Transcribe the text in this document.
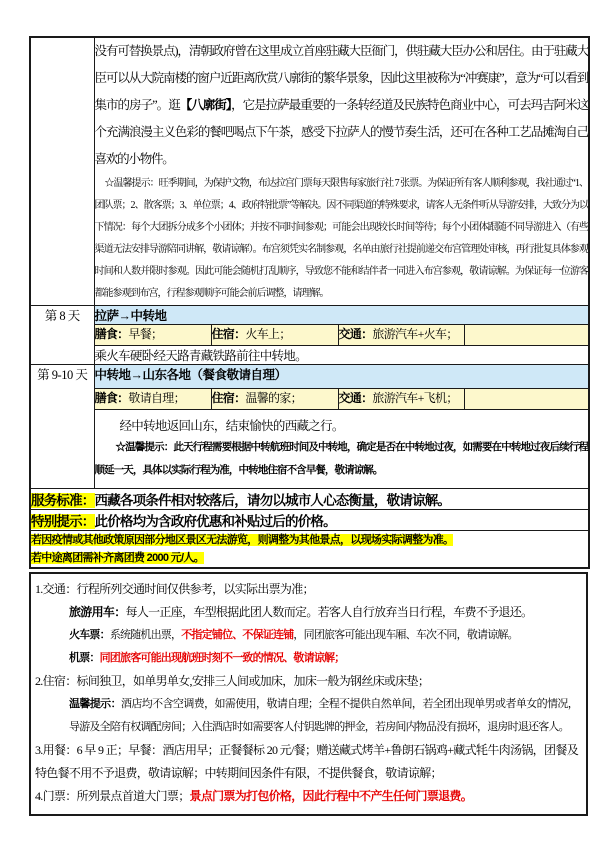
	没有可替换景点)，清朝政府曾在这里成立首座驻藏大臣衙门，供驻藏大臣办公和居住。由于驻藏大臣可以从大院南楼的窗户近距离欣赏八廓街的繁华景象，因此这里被称为“冲赛康”，意为“可以看到集市的房子”。逛【八廓街】，它是拉萨最重要的一条转经道及民族特色商业中心，可去玛吉阿米这个充满浪漫主义色彩的餐吧喝点下午茶，感受下拉萨人的慢节奏生活，还可在各种工艺品摊淘自己喜欢的小物件。
☆温馨提示：旺季期间，为保护文物，布达拉宫门票每天限售每家旅行社 7 张票。为保证所有客人顺利参观，我社通过“1、团队票；2、散客票；3、单位票；4、政府特批票”等解决。因不同渠道的特殊要求，请客人无条件听从导游安排，大致分为以下情况：每个大团拆分成多个小团体；并按不同时间参观；可能会出现较长时间等待；每个小团体跟随不同导游进入（有些渠道无法安排导游陪同讲解，敬请谅解）。布宫须凭实名制参观，名单由旅行社提前递交布宫管理处审核，再行批复具体参观时间和人数并限时参观。因此可能会随机打乱顺序，导致您不能和结伴者一同进入布宫参观，敬请谅解。为保证每一位游客都能参观到布宫，行程参观顺序可能会前后调整，请理解。			

第 8 天	拉萨→中转地			
	膳食：早餐；	住宿：火车上；	交通：旅游汽车+火车；	
	乘火车硬卧经天路青藏铁路前往中转地。			
第 9-10 天	中转地→山东各地（餐食敬请自理）			
	膳食：敬请自理；	住宿：温馨的家；	交通：旅游汽车+飞机；	

	经中转地返回山东，结束愉快的西藏之行。
☆温馨提示：此天行程需要根据中转航班时间及中转地，确定是否在中转地过夜，如需要在中转地过夜后续行程顺延一天，具体以实际行程为准，中转地住宿不含早餐，敬请谅解。			

服务标准：西藏各项条件相对较落后，请勿以城市人心态衡量，敬请谅解。				
特别提示：此价格均为含政府优惠和补贴过后的价格。				

若因疫情或其他政策原因部分地区景区无法游览，则调整为其他景点，以现场实际调整为准。
若中途离团需补齐离团费 2000 元/人。				
1.交通：行程所列交通时间仅供参考，以实际出票为准；
旅游用车：每人一正座，车型根据此团人数而定。若客人自行放弃当日行程，车费不予退还。
火车票：系统随机出票，不指定铺位、不保证连铺，同团旅客可能出现车厢、车次不同，敬请谅解。
机票：同团旅客可能出现航班时刻不一致的情况、敬请谅解；
2.住宿：标间独卫，如单男单女,安排三人间或加床，加床一般为钢丝床或床垫；
温馨提示：酒店均不含空调费，如需使用，敬请自理；全程不提供自然单间，若全团出现单男或者单女的情况，导游及全陪有权调配房间；入住酒店时如需要客人付钥匙牌的押金，若房间内物品没有损坏，退房时退还客人。
3.用餐：6 早 9 正；早餐：酒店用早；正餐餐标 20 元/餐；赠送藏式烤羊+鲁朗石锅鸡+藏式牦牛肉汤锅，团餐及特色餐不用不予退费，敬请谅解；中转期间因条件有限，不提供餐食，敬请谅解；
4.门票：所列景点首道大门票；景点门票为打包价格，因此行程中不产生任何门票退费。
